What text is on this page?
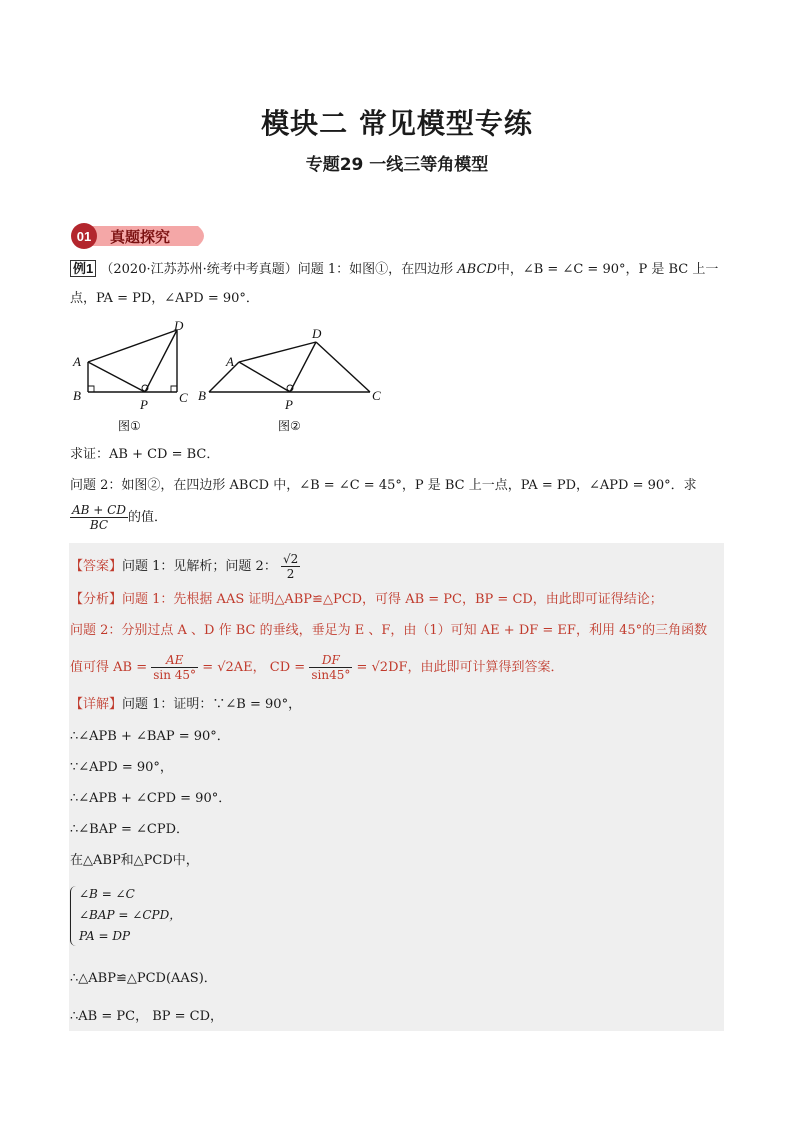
模块二 常见模型专练
专题29 一线三等角模型
01 真题探究
例1 （2020·江苏苏州·统考中考真题）问题 1：如图①，在四边形 ABCD中，∠B = ∠C = 90°，P 是 BC 上一
点，PA = PD，∠APD = 90°．
A
B
P C
D
图①
A
B
P
C
D
图②
求证：AB + CD = BC．
问题 2：如图②，在四边形 ABCD 中，∠B = ∠C = 45°，P 是 BC 上一点，PA = PD，∠APD = 90°．求
$\frac{AB + CD}{BC}$ 的值．
【答案】问题 1：见解析；问题 2： $\frac{√2}{2}$
【分析】问题 1：先根据 AAS 证明△ABP≌△PCD，可得 AB = PC，BP = CD，由此即可证得结论；
问题 2：分别过点 A 、D 作 BC 的垂线，垂足为 E 、F，由（1）可知 AE + DF = EF，利用 45°的三角函数
值可得 AB = $\frac{AE}{\sin 45^\circ} = √2AE$， CD = $\frac{DF}{\sin 45^\circ} = √2DF$，由此即可计算得到答案．
【详解】问题 1：证明：∵∠B = 90°，
∴∠APB + ∠BAP = 90°．
∵∠APD = 90°，
∴∠APB + ∠CPD = 90°．
∴∠BAP = ∠CPD．
在△ABP和△PCD中，
∠B = ∠C
∠BAP = ∠CPD，
PA = DP
∴△ABP≌△PCD(AAS)．
∴AB = PC， BP = CD，
